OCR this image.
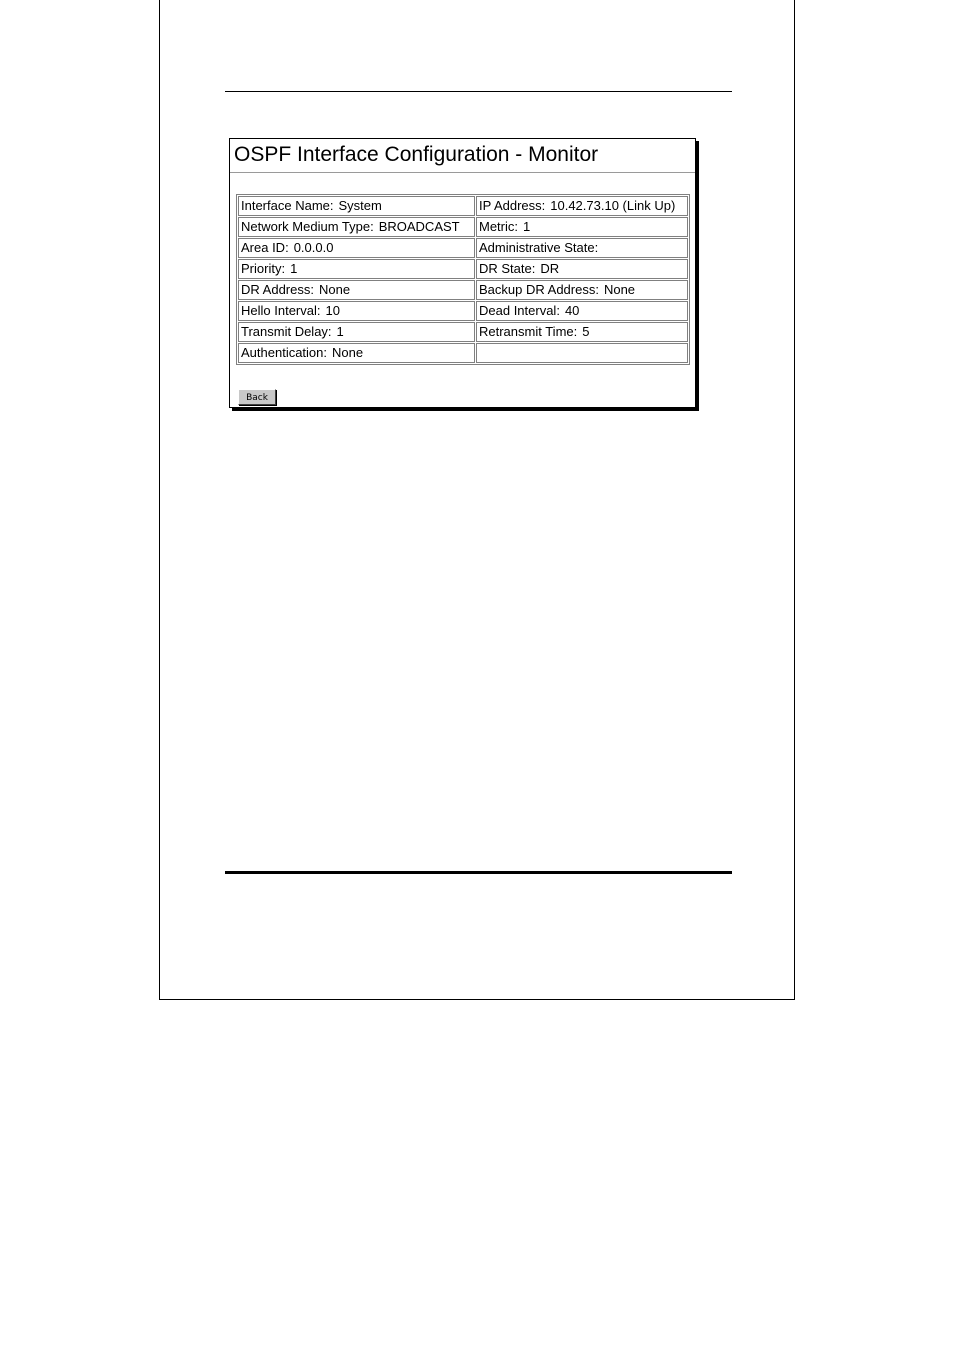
OSPF Interface Configuration - Monitor
Interface Name: System	IP Address: 10.42.73.10 (Link Up)
Network Medium Type: BROADCAST	Metric: 1
Area ID: 0.0.0.0	Administrative State:
Priority: 1	DR State: DR
DR Address: None	Backup DR Address: None
Hello Interval: 10	Dead Interval: 40
Transmit Delay: 1	Retransmit Time: 5
Authentication: None	
Back
